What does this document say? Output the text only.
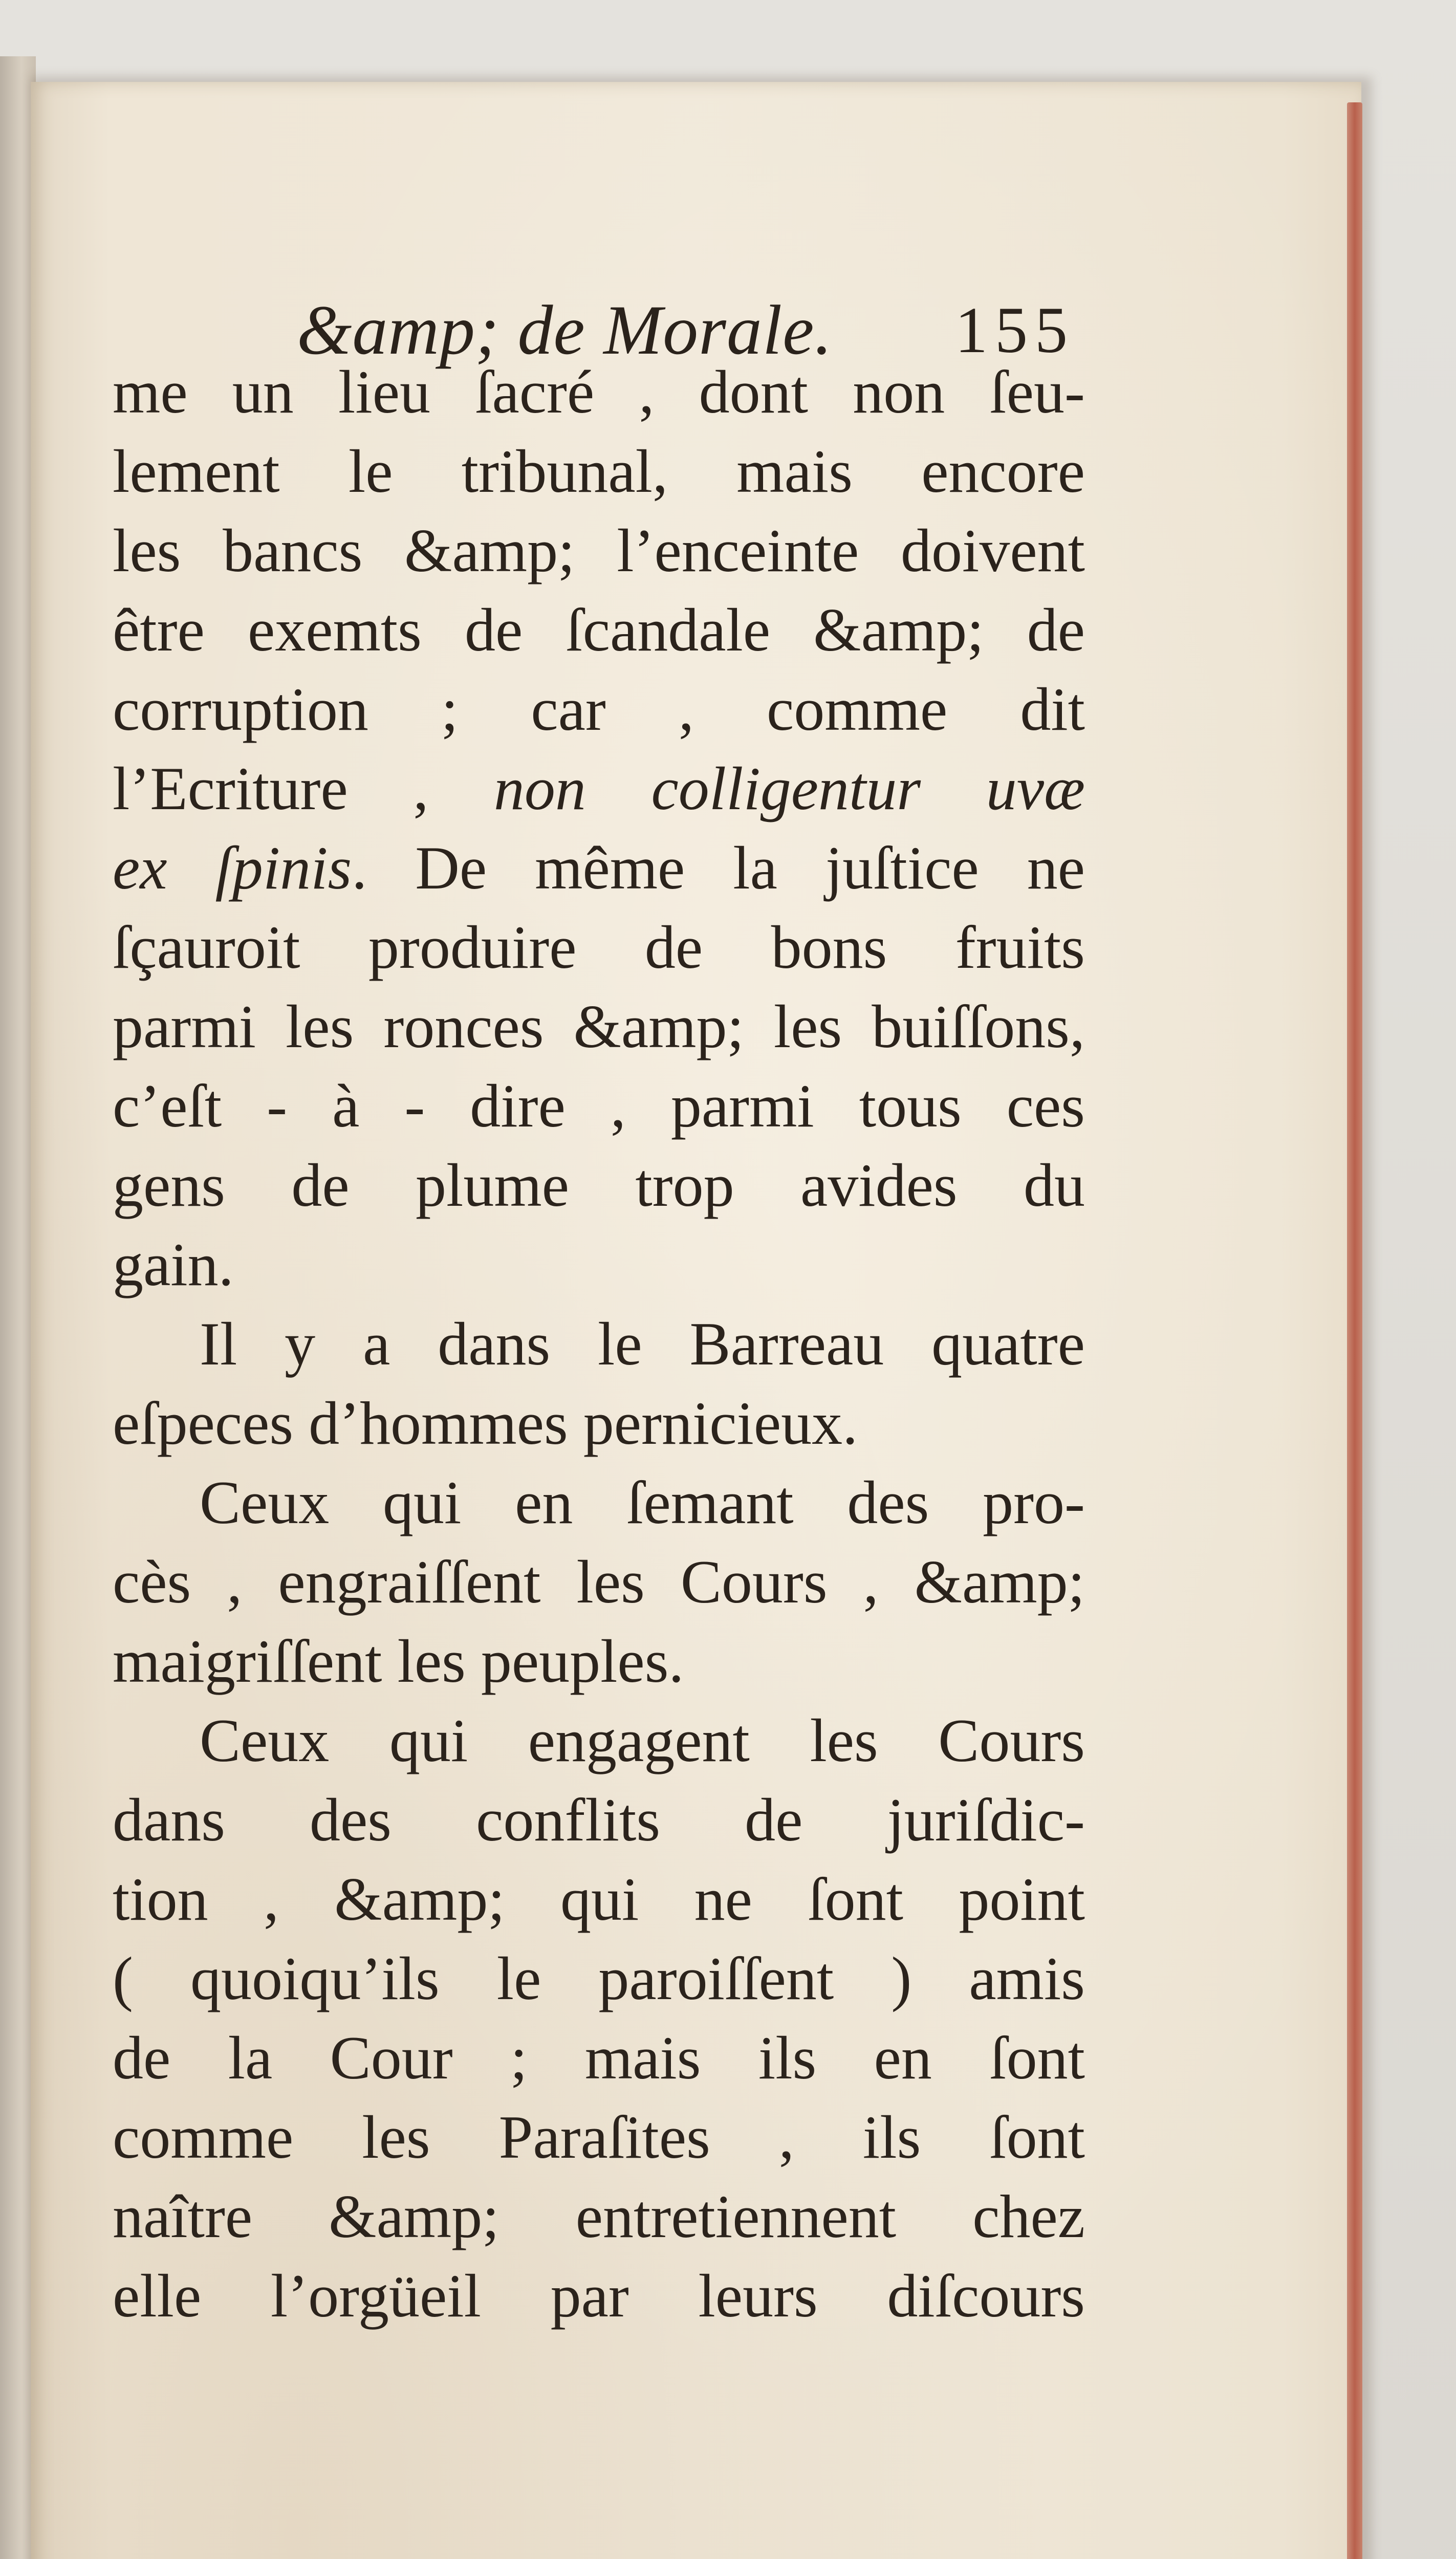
&amp; de Morale. 155
me un lieu ſacré , dont non ſeu-
lement le tribunal, mais encore
les bancs &amp; l’enceinte doivent
être exemts de ſcandale &amp; de
corruption ; car , comme dit
l’Ecriture , non colligentur uvæ
ex ſpinis. De même la juſtice ne
ſçauroit produire de bons fruits
parmi les ronces &amp; les buiſſons,
c’eſt - à - dire , parmi tous ces
gens de plume trop avides du
gain.
Il y a dans le Barreau quatre
eſpeces d’hommes pernicieux.
Ceux qui en ſemant des pro-
cès , engraiſſent les Cours , &amp;
maigriſſent les peuples.
Ceux qui engagent les Cours
dans des conflits de juriſdic-
tion , &amp; qui ne ſont point
( quoiqu’ils le paroiſſent ) amis
de la Cour ; mais ils en ſont
comme les Paraſites , ils ſont
naître &amp; entretiennent chez
elle l’orgüeil par leurs diſcours
